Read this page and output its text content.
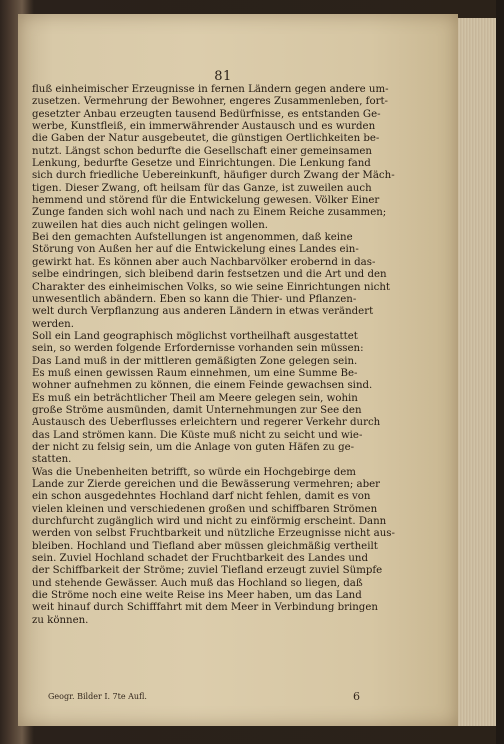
81
fluß einheimischer Erzeugnisse in fernen Ländern gegen andere um-
zusetzen. Vermehrung der Bewohner, engeres Zusammenleben, fort-
gesetzter Anbau erzeugten tausend Bedürfnisse, es entstanden Ge-
werbe, Kunstfleiß, ein immerwährender Austausch und es wurden
die Gaben der Natur ausgebeutet, die günstigen Oertlichkeiten be-
nutzt. Längst schon bedurfte die Gesellschaft einer gemeinsamen
Lenkung, bedurfte Gesetze und Einrichtungen. Die Lenkung fand
sich durch friedliche Uebereinkunft, häufiger durch Zwang der Mäch-
tigen. Dieser Zwang, oft heilsam für das Ganze, ist zuweilen auch
hemmend und störend für die Entwickelung gewesen. Völker Einer
Zunge fanden sich wohl nach und nach zu Einem Reiche zusammen;
zuweilen hat dies auch nicht gelingen wollen.
Bei den gemachten Aufstellungen ist angenommen, daß keine
Störung von Außen her auf die Entwickelung eines Landes ein-
gewirkt hat. Es können aber auch Nachbarvölker erobernd in das-
selbe eindringen, sich bleibend darin festsetzen und die Art und den
Charakter des einheimischen Volks, so wie seine Einrichtungen nicht
unwesentlich abändern. Eben so kann die Thier- und Pflanzen-
welt durch Verpflanzung aus anderen Ländern in etwas verändert
werden.
Soll ein Land geographisch möglichst vortheilhaft ausgestattet
sein, so werden folgende Erfordernisse vorhanden sein müssen:
Das Land muß in der mittleren gemäßigten Zone gelegen sein.
Es muß einen gewissen Raum einnehmen, um eine Summe Be-
wohner aufnehmen zu können, die einem Feinde gewachsen sind.
Es muß ein beträchtlicher Theil am Meere gelegen sein, wohin
große Ströme ausmünden, damit Unternehmungen zur See den
Austausch des Ueberflusses erleichtern und regerer Verkehr durch
das Land strömen kann. Die Küste muß nicht zu seicht und wie-
der nicht zu felsig sein, um die Anlage von guten Häfen zu ge-
statten.
Was die Unebenheiten betrifft, so würde ein Hochgebirge dem
Lande zur Zierde gereichen und die Bewässerung vermehren; aber
ein schon ausgedehntes Hochland darf nicht fehlen, damit es von
vielen kleinen und verschiedenen großen und schiffbaren Strömen
durchfurcht zugänglich wird und nicht zu einförmig erscheint. Dann
werden von selbst Fruchtbarkeit und nützliche Erzeugnisse nicht aus-
bleiben. Hochland und Tiefland aber müssen gleichmäßig vertheilt
sein. Zuviel Hochland schadet der Fruchtbarkeit des Landes und
der Schiffbarkeit der Ströme; zuviel Tiefland erzeugt zuviel Sümpfe
und stehende Gewässer. Auch muß das Hochland so liegen, daß
die Ströme noch eine weite Reise ins Meer haben, um das Land
weit hinauf durch Schifffahrt mit dem Meer in Verbindung bringen
zu können.
Geogr. Bilder I. 7te Aufl.	6
